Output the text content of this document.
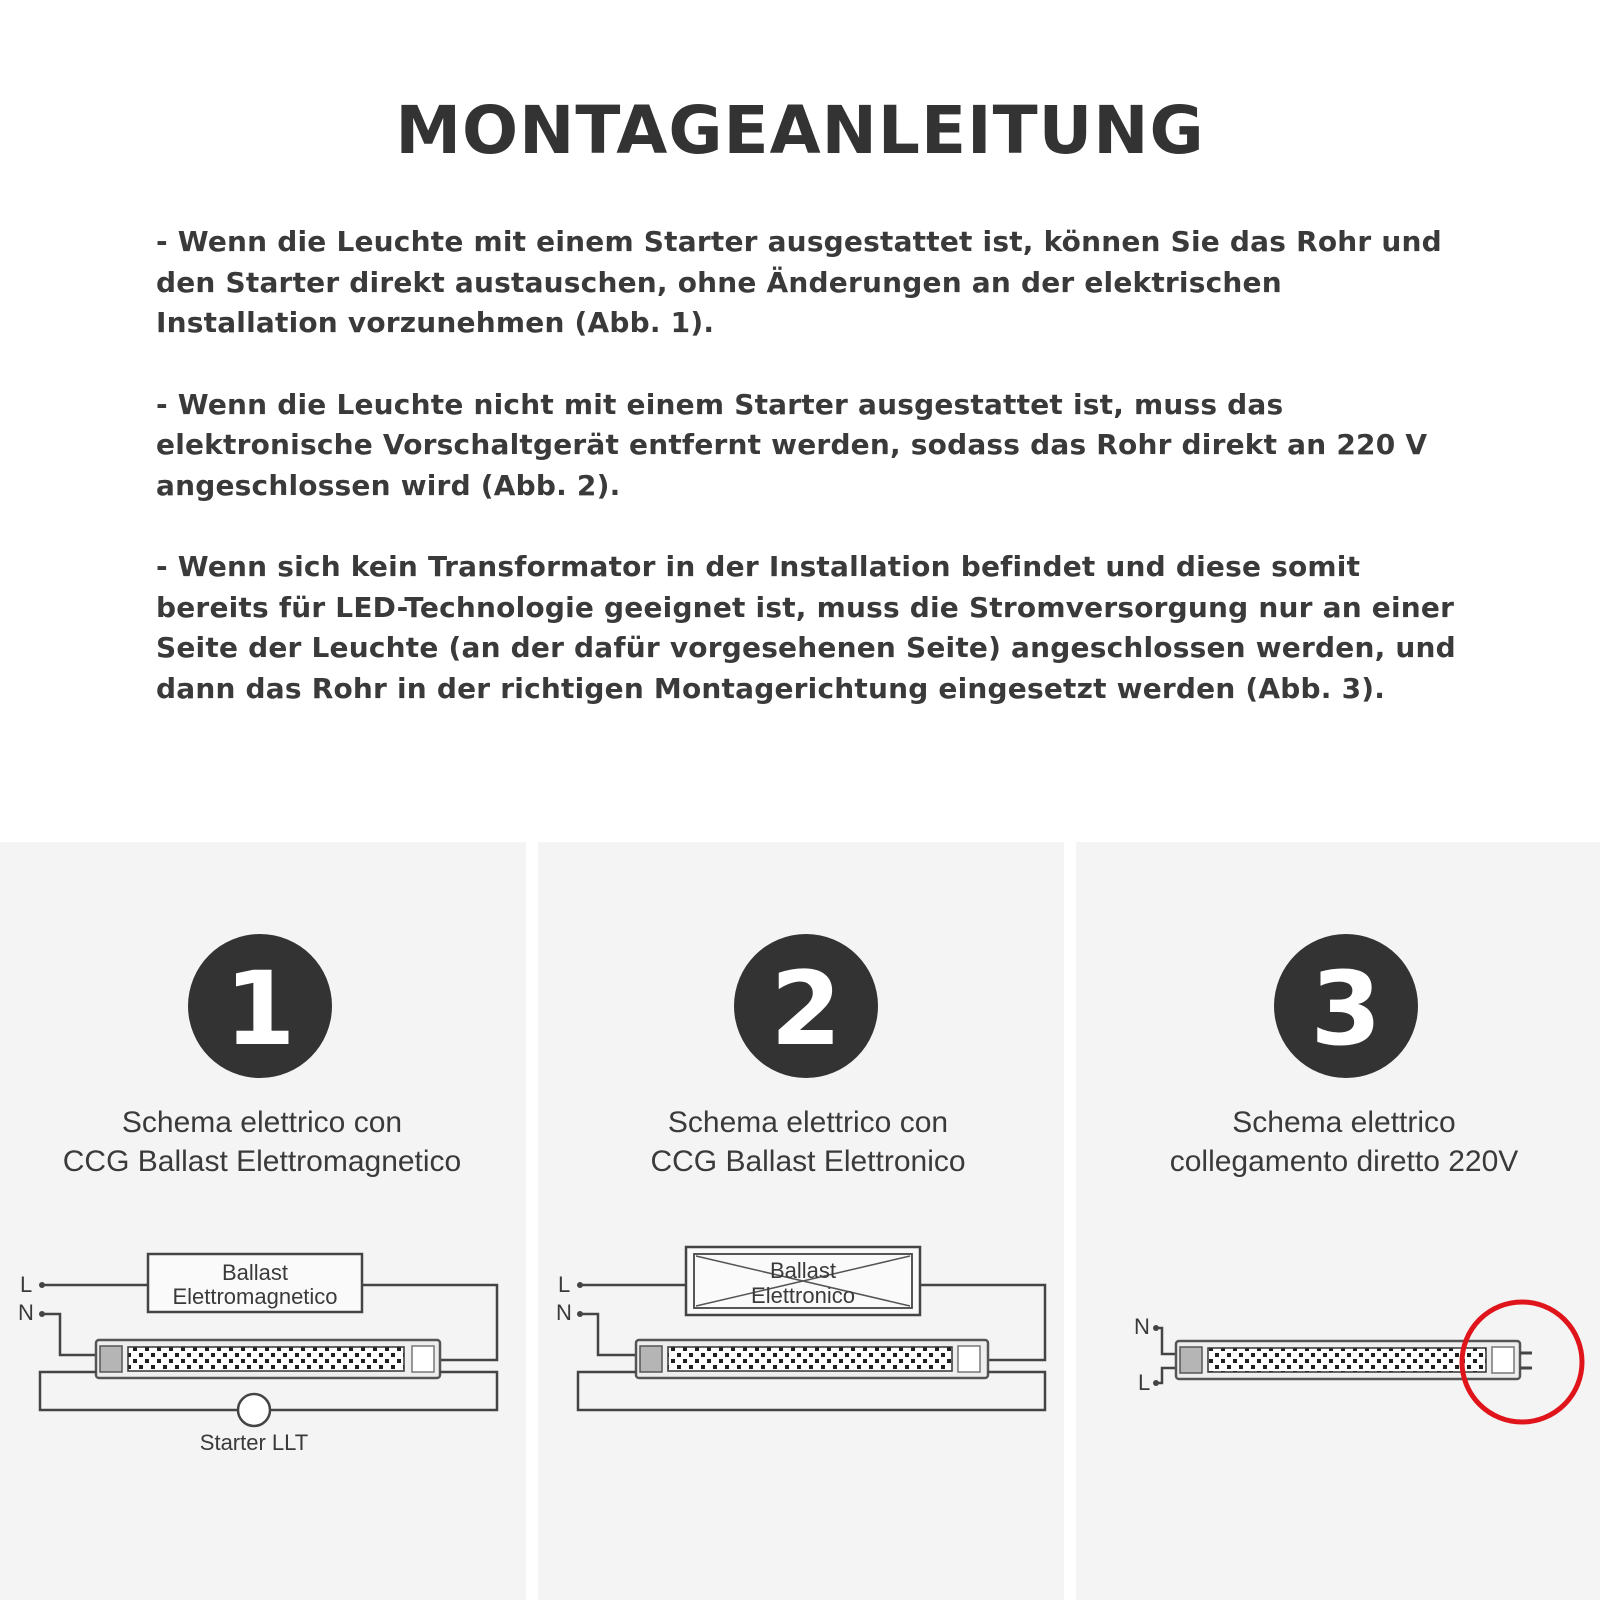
MONTAGEANLEITUNG

- Wenn die Leuchte mit einem Starter ausgestattet ist, können Sie das Rohr und den Starter direkt austauschen, ohne Änderungen an der elektrischen Installation vorzunehmen (Abb. 1).

- Wenn die Leuchte nicht mit einem Starter ausgestattet ist, muss das elektronische Vorschaltgerät entfernt werden, sodass das Rohr direkt an 220 V angeschlossen wird (Abb. 2).

- Wenn sich kein Transformator in der Installation befindet und diese somit bereits für LED-Technologie geeignet ist, muss die Stromversorgung nur an einer Seite der Leuchte (an der dafür vorgesehenen Seite) angeschlossen werden, und dann das Rohr in der richtigen Montagerichtung eingesetzt werden (Abb. 3).

1
Schema elettrico con
CCG Ballast Elettromagnetico
Ballast
Elettromagnetico
L
N
Starter LLT
2
Schema elettrico con
CCG Ballast Elettronico
Ballast
Elettronico
L
N
3
Schema elettrico
collegamento diretto 220V
N
L
